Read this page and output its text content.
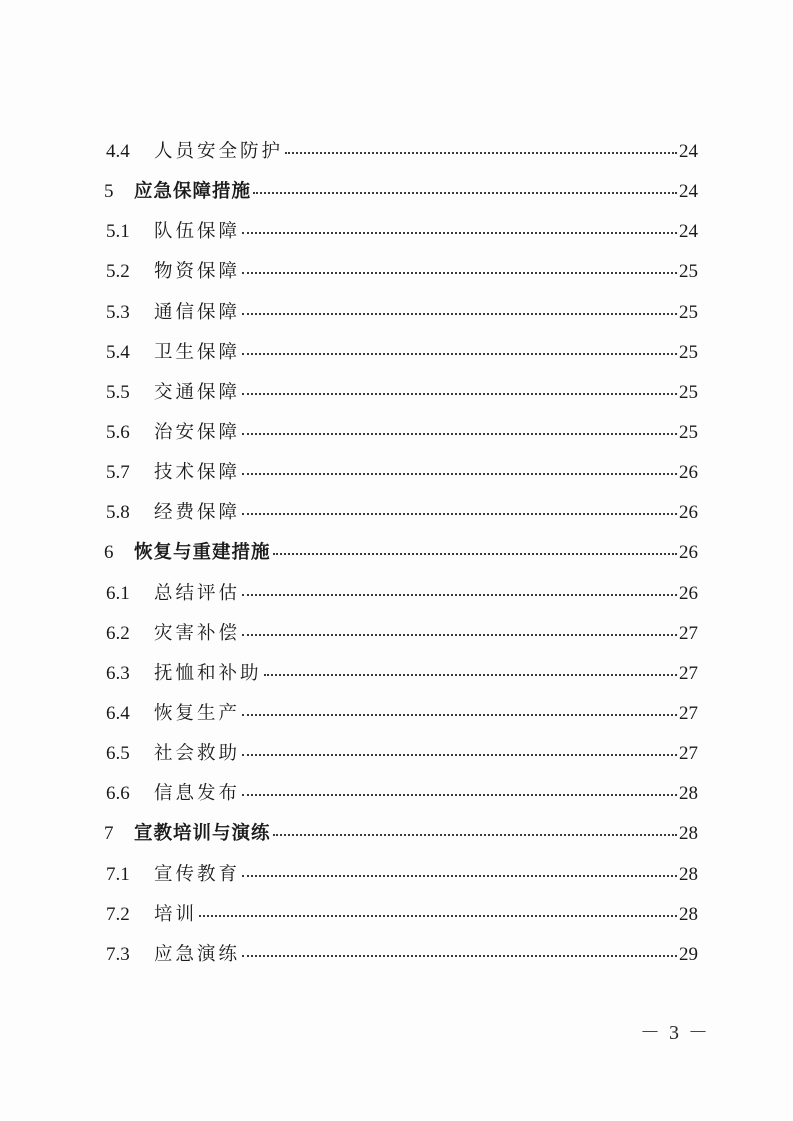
4.4	人员安全防护	24
5	应急保障措施	24
5.1	队伍保障	24
5.2	物资保障	25
5.3	通信保障	25
5.4	卫生保障	25
5.5	交通保障	25
5.6	治安保障	25
5.7	技术保障	26
5.8	经费保障	26
6	恢复与重建措施	26
6.1	总结评估	26
6.2	灾害补偿	27
6.3	抚恤和补助	27
6.4	恢复生产	27
6.5	社会救助	27
6.6	信息发布	28
7	宣教培训与演练	28
7.1	宣传教育	28
7.2	培训	28
7.3	应急演练	29
－ 3 －
